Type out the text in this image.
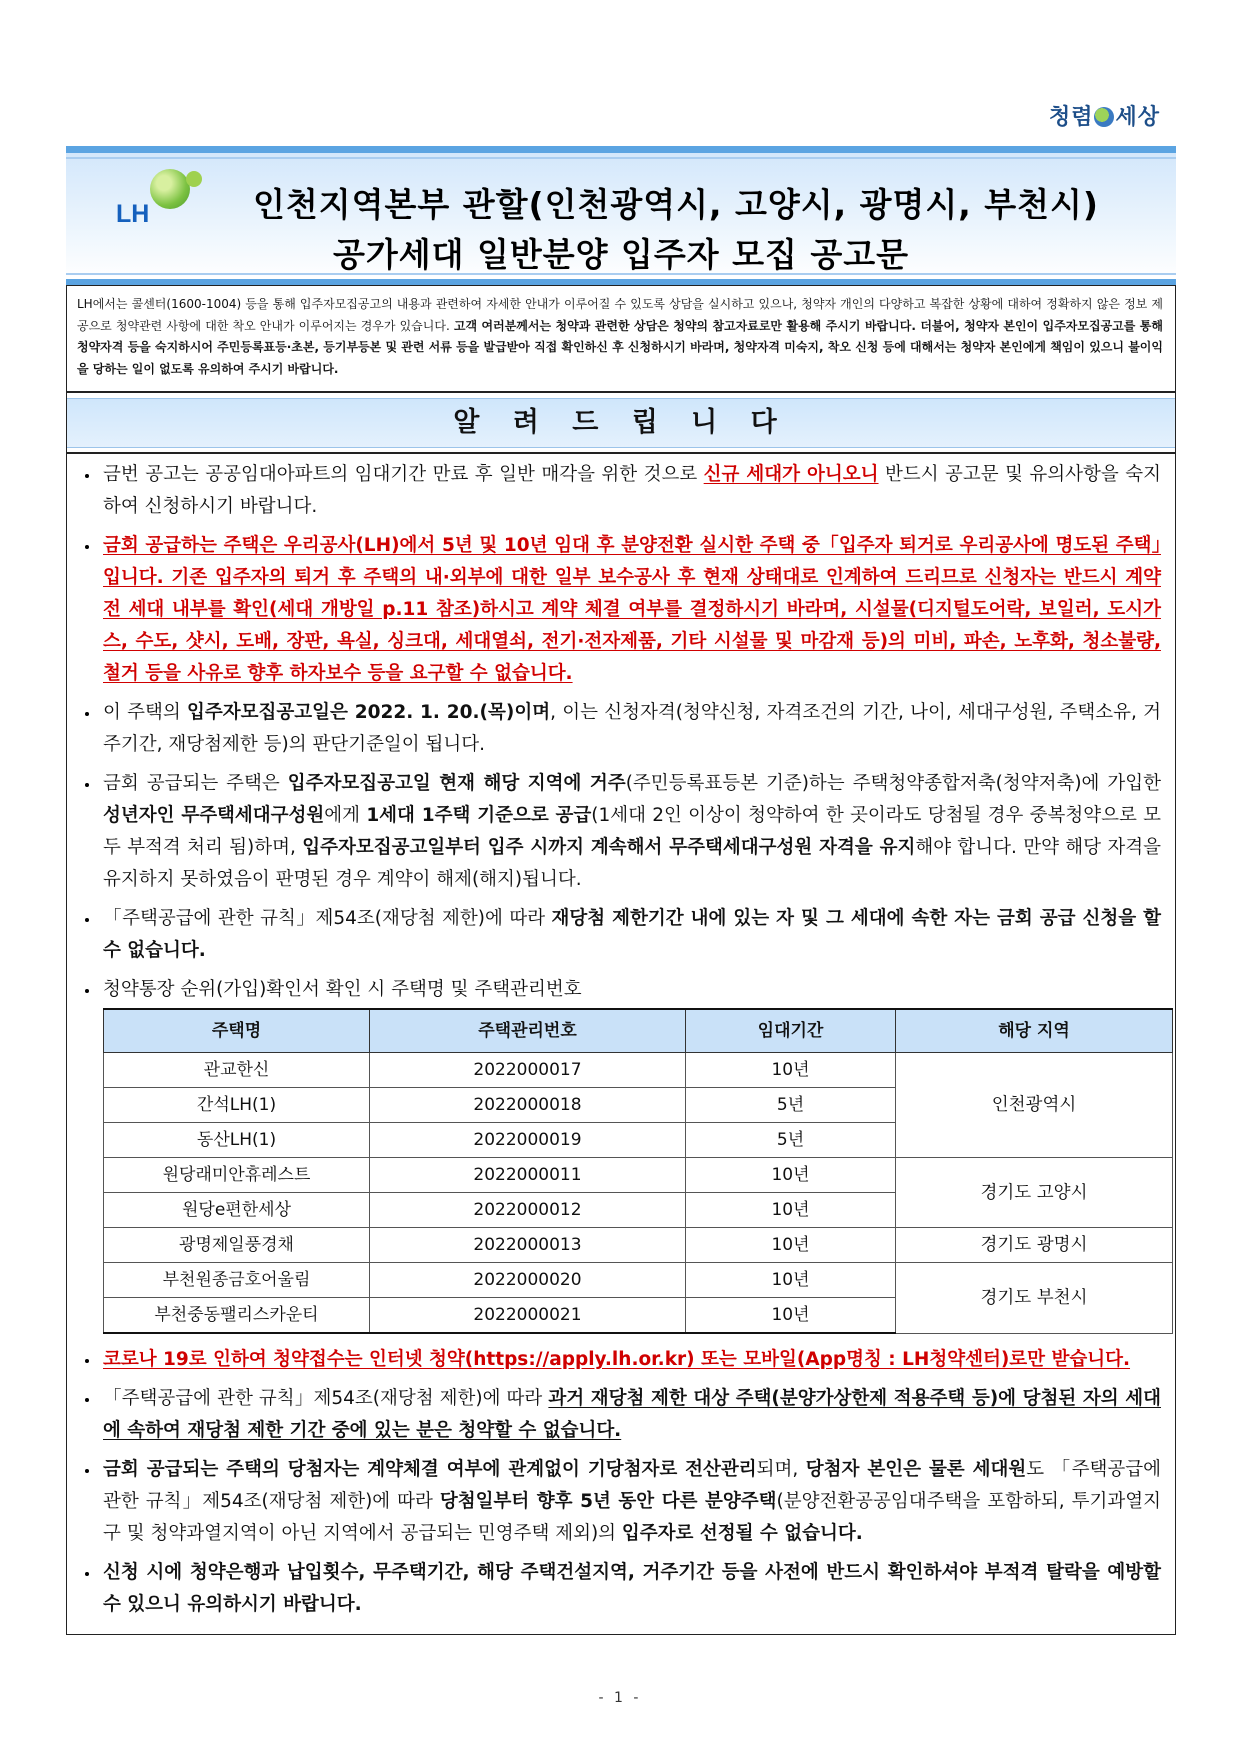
청렴 세상
LH	인천지역본부 관할(인천광역시, 고양시, 광명시, 부천시)
공가세대 일반분양 입주자 모집 공고문
LH에서는 콜센터(1600-1004) 등을 통해 입주자모집공고의 내용과 관련하여 자세한 안내가 이루어질 수 있도록 상담을 실시하고 있으나, 청약자 개인의 다양하고 복잡한 상황에 대하여 정확하지 않은 정보 제공으로 청약관련 사항에 대한 착오 안내가 이루어지는 경우가 있습니다. 고객 여러분께서는 청약과 관련한 상담은 청약의 참고자료로만 활용해 주시기 바랍니다. 더불어, 청약자 본인이 입주자모집공고를 통해 청약자격 등을 숙지하시어 주민등록표등·초본, 등기부등본 및 관련 서류 등을 발급받아 직접 확인하신 후 신청하시기 바라며, 청약자격 미숙지, 착오 신청 등에 대해서는 청약자 본인에게 책임이 있으니 불이익을 당하는 일이 없도록 유의하여 주시기 바랍니다.
알 려 드 립 니 다
금번 공고는 공공임대아파트의 임대기간 만료 후 일반 매각을 위한 것으로 신규 세대가 아니오니 반드시 공고문 및 유의사항을 숙지하여 신청하시기 바랍니다.
금회 공급하는 주택은 우리공사(LH)에서 5년 및 10년 임대 후 분양전환 실시한 주택 중「입주자 퇴거로 우리공사에 명도된 주택」입니다. 기존 입주자의 퇴거 후 주택의 내·외부에 대한 일부 보수공사 후 현재 상태대로 인계하여 드리므로 신청자는 반드시 계약 전 세대 내부를 확인(세대 개방일 p.11 참조)하시고 계약 체결 여부를 결정하시기 바라며, 시설물(디지털도어락, 보일러, 도시가스, 수도, 샷시, 도배, 장판, 욕실, 싱크대, 세대열쇠, 전기·전자제품, 기타 시설물 및 마감재 등)의 미비, 파손, 노후화, 청소불량, 철거 등을 사유로 향후 하자보수 등을 요구할 수 없습니다.
이 주택의 입주자모집공고일은 2022. 1. 20.(목)이며, 이는 신청자격(청약신청, 자격조건의 기간, 나이, 세대구성원, 주택소유, 거주기간, 재당첨제한 등)의 판단기준일이 됩니다.
금회 공급되는 주택은 입주자모집공고일 현재 해당 지역에 거주(주민등록표등본 기준)하는 주택청약종합저축(청약저축)에 가입한 성년자인 무주택세대구성원에게 1세대 1주택 기준으로 공급(1세대 2인 이상이 청약하여 한 곳이라도 당첨될 경우 중복청약으로 모두 부적격 처리 됨)하며, 입주자모집공고일부터 입주 시까지 계속해서 무주택세대구성원 자격을 유지해야 합니다. 만약 해당 자격을 유지하지 못하였음이 판명된 경우 계약이 해제(해지)됩니다.
「주택공급에 관한 규칙」제54조(재당첨 제한)에 따라 재당첨 제한기간 내에 있는 자 및 그 세대에 속한 자는 금회 공급 신청을 할 수 없습니다.
청약통장 순위(가입)확인서 확인 시 주택명 및 주택관리번호
주택명	주택관리번호	임대기간	해당 지역
관교한신	2022000017	10년	인천광역시
간석LH(1)	2022000018	5년	
동산LH(1)	2022000019	5년	
원당래미안휴레스트	2022000011	10년	경기도 고양시
원당e편한세상	2022000012	10년	
광명제일풍경채	2022000013	10년	경기도 광명시
부천원종금호어울림	2022000020	10년	경기도 부천시
부천중동팰리스카운티	2022000021	10년	
코로나 19로 인하여 청약접수는 인터넷 청약(https://apply.lh.or.kr) 또는 모바일(App명칭 : LH청약센터)로만 받습니다.
「주택공급에 관한 규칙」제54조(재당첨 제한)에 따라 과거 재당첨 제한 대상 주택(분양가상한제 적용주택 등)에 당첨된 자의 세대에 속하여 재당첨 제한 기간 중에 있는 분은 청약할 수 없습니다.
금회 공급되는 주택의 당첨자는 계약체결 여부에 관계없이 기당첨자로 전산관리되며, 당첨자 본인은 물론 세대원도 「주택공급에 관한 규칙」제54조(재당첨 제한)에 따라 당첨일부터 향후 5년 동안 다른 분양주택(분양전환공공임대주택을 포함하되, 투기과열지구 및 청약과열지역이 아닌 지역에서 공급되는 민영주택 제외)의 입주자로 선정될 수 없습니다.
신청 시에 청약은행과 납입횟수, 무주택기간, 해당 주택건설지역, 거주기간 등을 사전에 반드시 확인하셔야 부적격 탈락을 예방할 수 있으니 유의하시기 바랍니다.
- 1 -
